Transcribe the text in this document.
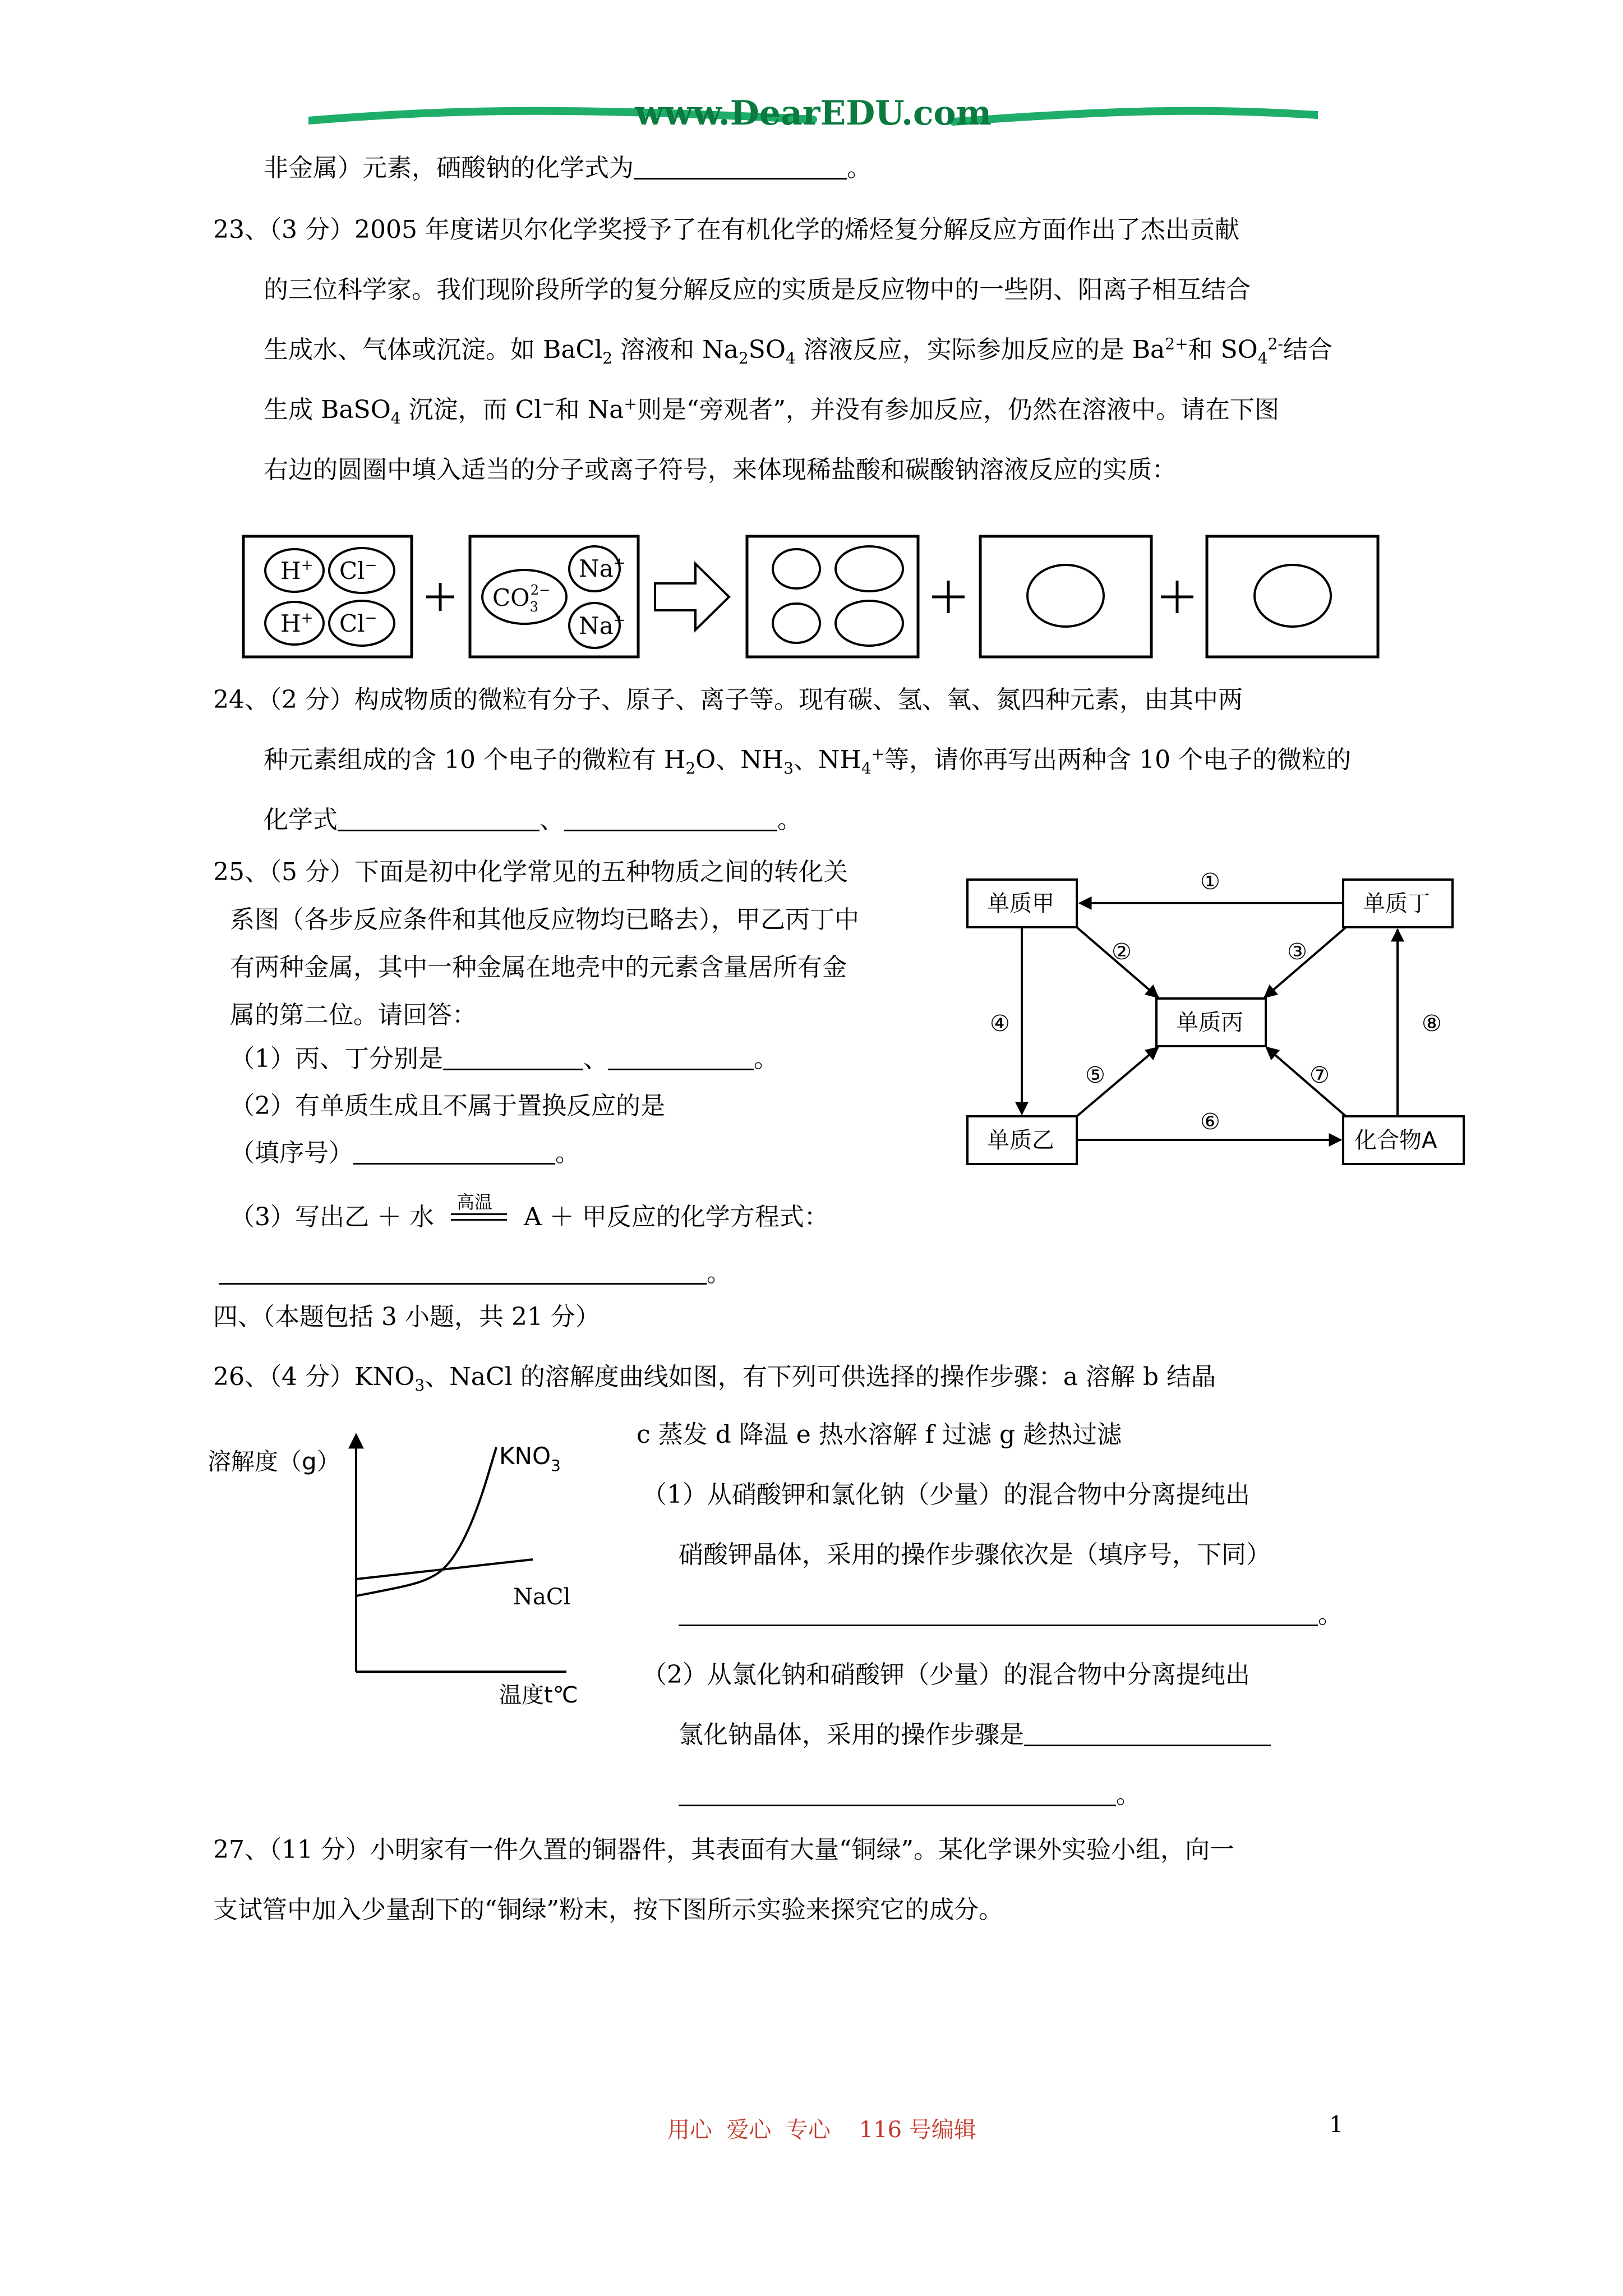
www.DearEDU.com
非金属）元素，硒酸钠的化学式为	。
23、（3 分）2005 年度诺贝尔化学奖授予了在有机化学的烯烃复分解反应方面作出了杰出贡献
的三位科学家。我们现阶段所学的复分解反应的实质是反应物中的一些阴、阳离子相互结合
生成水、气体或沉淀。如 BaCl$_2$ 溶液和 $Na_2SO_4$ 溶液反应，实际参加反应的是 $Ba^{2+}$和 $SO_4^{2-}$结合
生成 BaSO$_4$ 沉淀，而 Cl−和 Na+则是“旁观者”，并没有参加反应，仍然在溶液中。请在下图
右边的圆圈中填入适当的分子或离子符号，来体现稀盐酸和碳酸钠溶液反应的实质：
H+ Cl−
H+ Cl−
$CO_32-$
Na+
Na+
24、（2 分）构成物质的微粒有分子、原子、离子等。现有碳、氢、氧、氮四种元素，由其中两
种元素组成的含 10 个电子的微粒有 $H_2O$、$NH_3$、$NH_4^+$等，请你再写出两种含 10 个电子的微粒的
化学式	、	。
25、（5 分）下面是初中化学常见的五种物质之间的转化关
系图（各步反应条件和其他反应物均已略去），甲乙丙丁中
有两种金属，其中一种金属在地壳中的元素含量居所有金
属的第二位。请回答：
（1）丙、丁分别是	、	。
（2）有单质生成且不属于置换反应的是
（填序号）	。
（3）写出乙 ＋ 水
高温
A ＋ 甲反应的化学方程式：
。
单质甲	单质丁
单质丙
单质乙	化合物A
①
②	③
④
⑤
⑥
⑦
⑧
四、（本题包括 3 小题，共 21 分）
26、（4 分）$KNO_3$、NaCl 的溶解度曲线如图，有下列可供选择的操作步骤：a 溶解 b 结晶
c 蒸发 d 降温 e 热水溶解 f 过滤 g 趁热过滤
（1）从硝酸钾和氯化钠（少量）的混合物中分离提纯出
硝酸钾晶体，采用的操作步骤依次是（填序号，下同）
。
（2）从氯化钠和硝酸钾（少量）的混合物中分离提纯出
氯化钠晶体，采用的操作步骤是
。
溶解度（g）
温度t℃
$KNO_3$
NaCl
27、（11 分）小明家有一件久置的铜器件，其表面有大量“铜绿”。某化学课外实验小组，向一
支试管中加入少量刮下的“铜绿”粉末，按下图所示实验来探究它的成分。
用心  爱心  专心    116 号编辑	1
